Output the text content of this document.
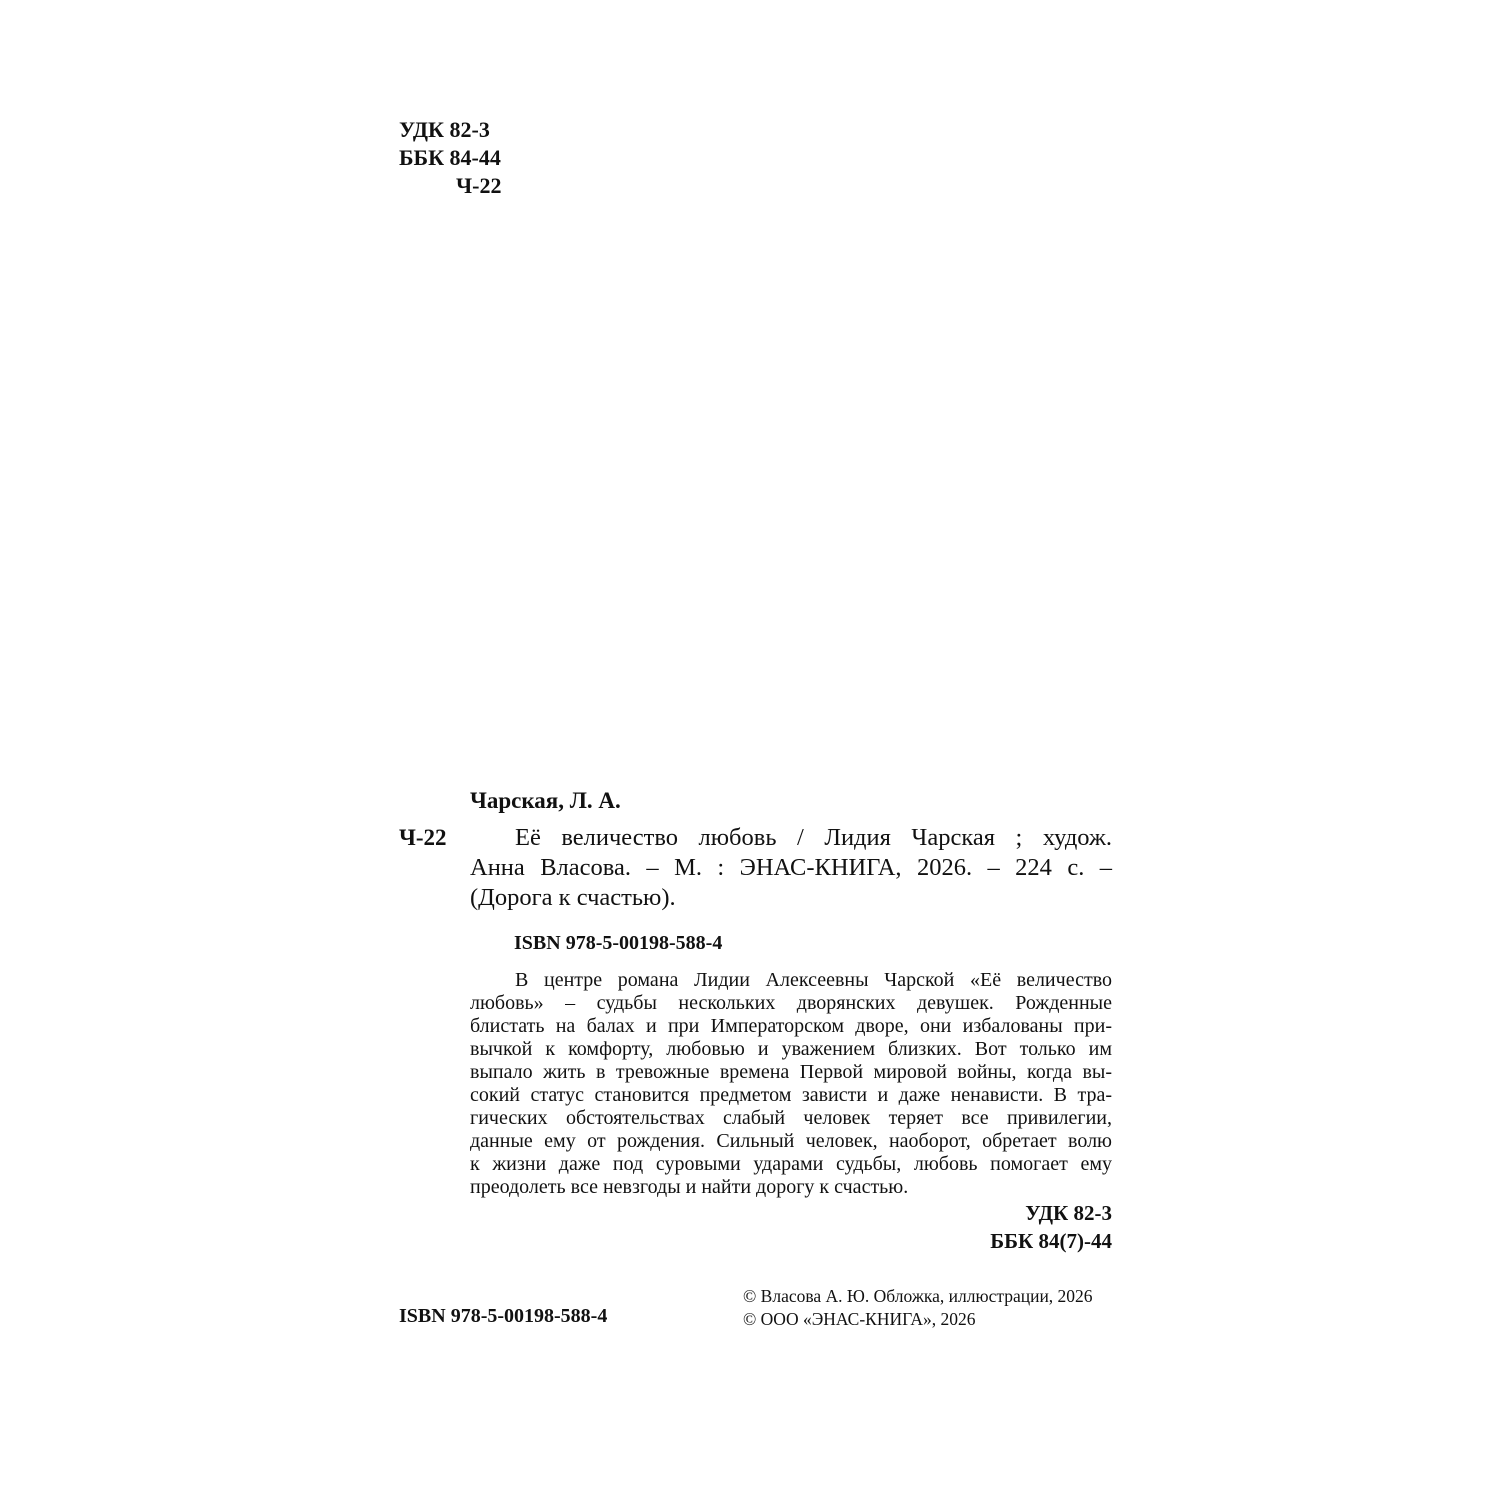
УДК 82-3
ББК 84-44
Ч-22
Чарская, Л. А.
Ч-22	Её величество любовь / Лидия Чарская ; худож.
Анна Власова. – М. : ЭНАС-КНИГА, 2026. – 224 с. –
(Дорога к счастью).
ISBN 978-5-00198-588-4
В центре романа Лидии Алексеевны Чарской «Её величество
любовь» – судьбы нескольких дворянских девушек. Рожденные
блистать на балах и при Императорском дворе, они избалованы при-
вычкой к комфорту, любовью и уважением близких. Вот только им
выпало жить в тревожные времена Первой мировой войны, когда вы-
сокий статус становится предметом зависти и даже ненависти. В тра-
гических обстоятельствах слабый человек теряет все привилегии,
данные ему от рождения. Сильный человек, наоборот, обретает волю
к жизни даже под суровыми ударами судьбы, любовь помогает ему
преодолеть все невзгоды и найти дорогу к счастью.
УДК 82-3
ББК 84(7)-44
ISBN 978-5-00198-588-4
© Власова А. Ю. Обложка, иллюстрации, 2026
© ООО «ЭНАС-КНИГА», 2026
